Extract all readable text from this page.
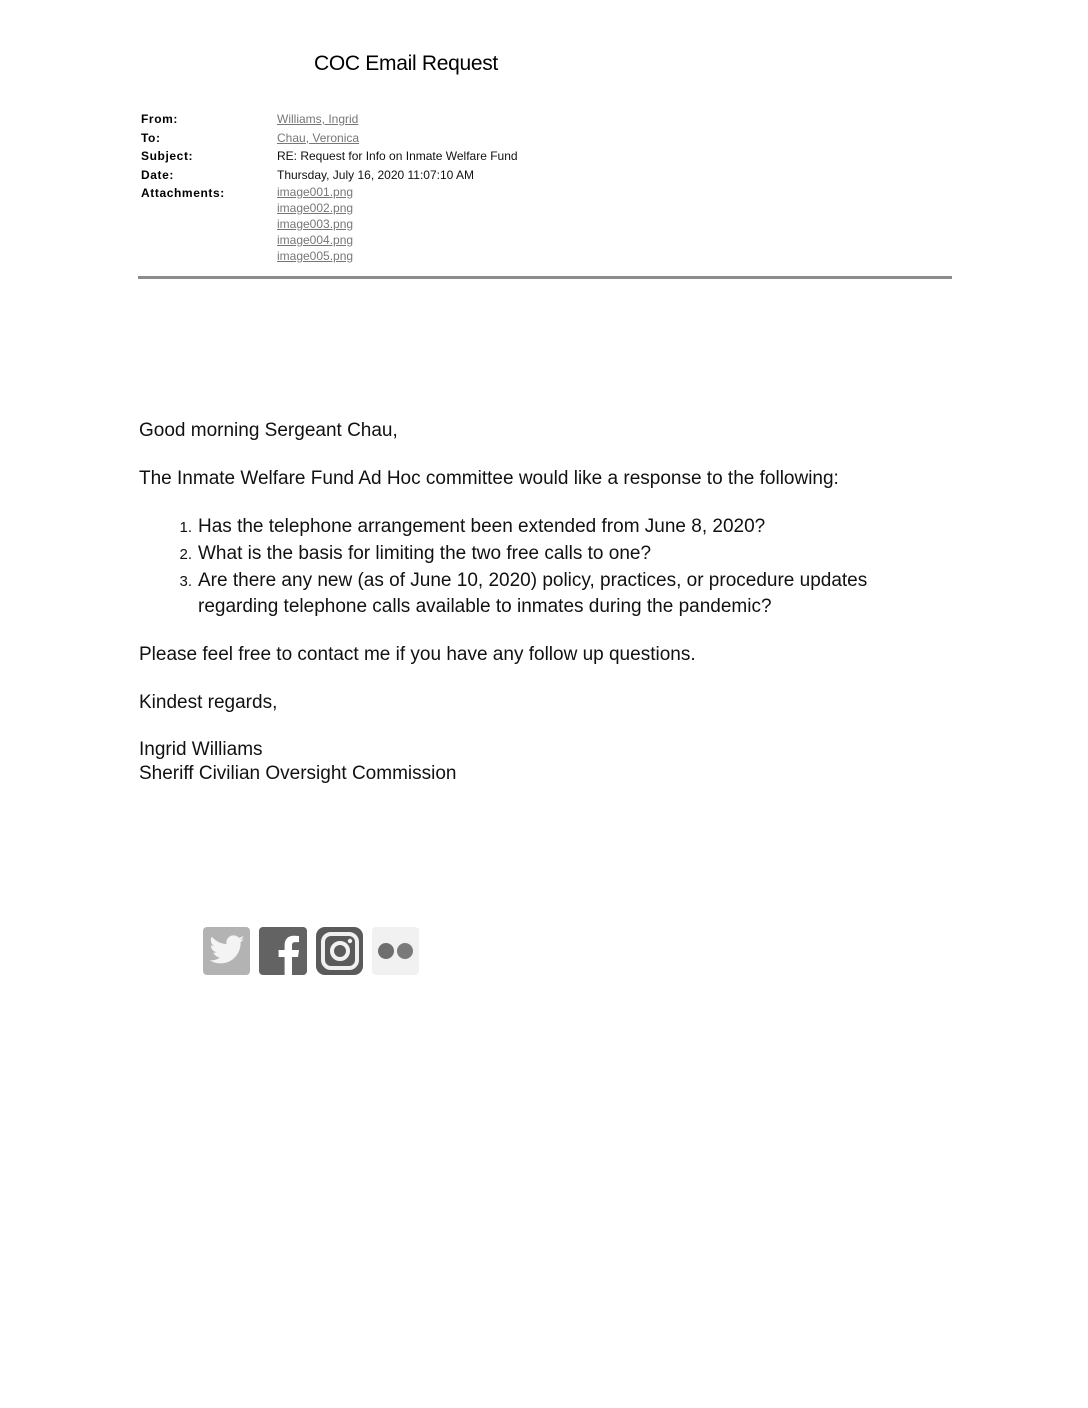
COC Email Request
From:	Williams, Ingrid
To:	Chau, Veronica
Subject:	RE: Request for Info on Inmate Welfare Fund
Date:	Thursday, July 16, 2020 11:07:10 AM
Attachments:	image001.png
image002.png
image003.png
image004.png
image005.png

Good morning Sergeant Chau,

The Inmate Welfare Fund Ad Hoc committee would like a response to the following:

1. Has the telephone arrangement been extended from June 8, 2020?
2. What is the basis for limiting the two free calls to one?
3. Are there any new (as of June 10, 2020) policy, practices, or procedure updates regarding telephone calls available to inmates during the pandemic?

Please feel free to contact me if you have any follow up questions.

Kindest regards,

Ingrid Williams

Sheriff Civilian Oversight Commission
